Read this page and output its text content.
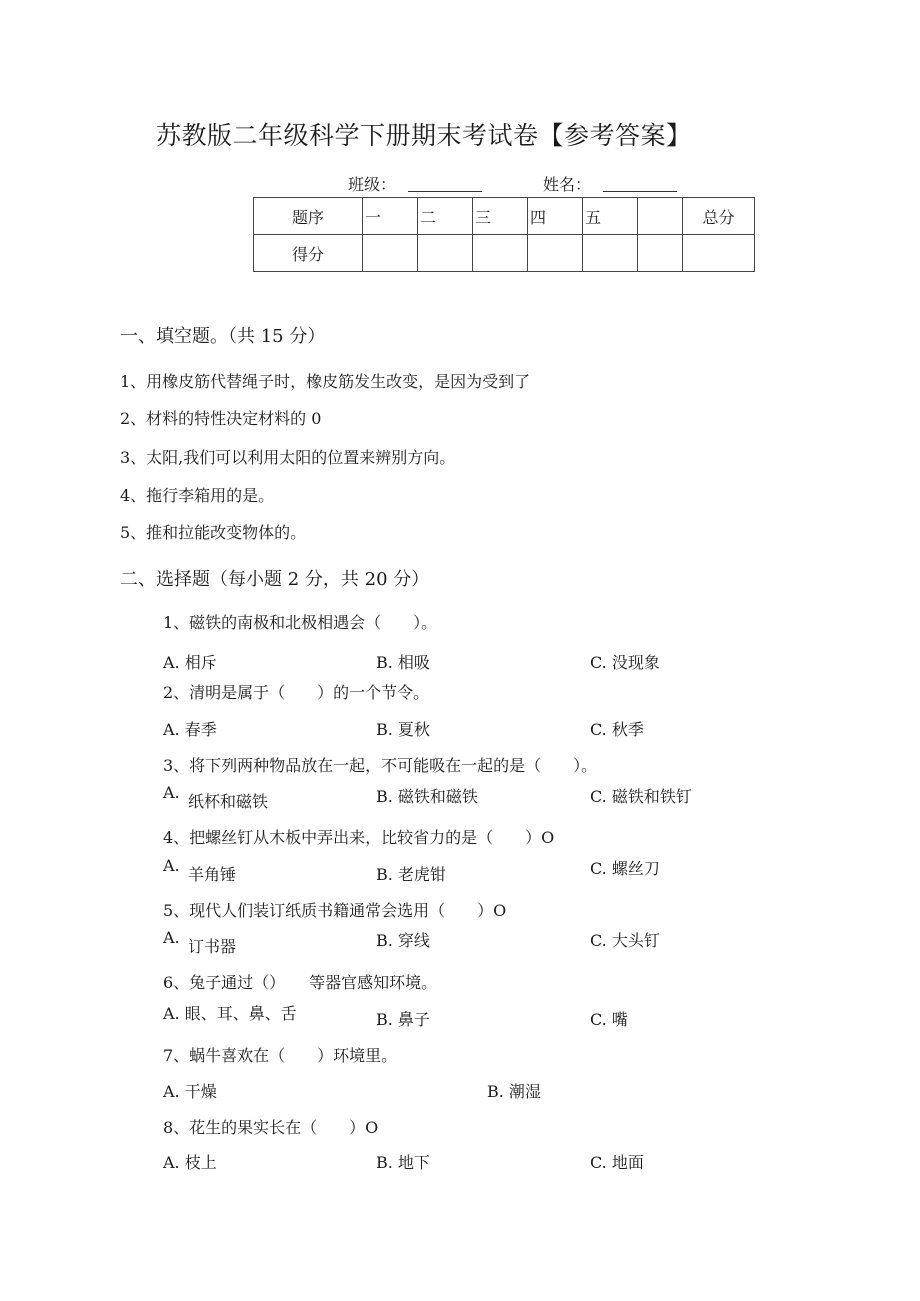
苏教版二年级科学下册期末考试卷【参考答案】
班级：	姓名：
题序	一	二	三	四	五		总分
得分							
一、填空题。（共 15 分）
1、用橡皮筋代替绳子时，橡皮筋发生改变，是因为受到了
2、材料的特性决定材料的 0
3、太阳,我们可以利用太阳的位置来辨别方向。
4、拖行李箱用的是。
5、推和拉能改变物体的。
二、选择题（每小题 2 分，共 20 分）
1、磁铁的南极和北极相遇会（　　）。
A. 相斥	B. 相吸	C. 没现象
2、清明是属于（　　）的一个节令。
A. 春季	B. 夏秋	C. 秋季
3、将下列两种物品放在一起，不可能吸在一起的是（　　）。
A. 纸杯和磁铁	B. 磁铁和磁铁	C. 磁铁和铁钉
4、把螺丝钉从木板中弄出来，比较省力的是（　　）O
A. 羊角锤	B. 老虎钳	C. 螺丝刀
5、现代人们装订纸质书籍通常会选用（　　）O
A. 订书器	B. 穿线	C. 大头钉
6、兔子通过（）　　等器官感知环境。
A. 眼、耳、鼻、舌	B. 鼻子	C. 嘴
7、蜗牛喜欢在（　　）环境里。
A. 干燥	B. 潮湿
8、花生的果实长在（　　）O
A. 枝上	B. 地下	C. 地面
